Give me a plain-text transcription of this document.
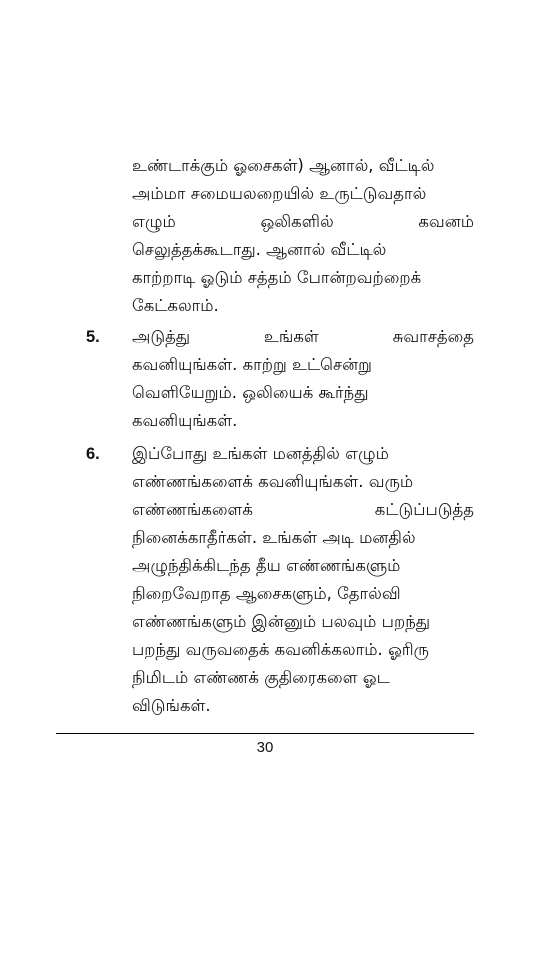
உண்டாக்கும் ஓசைகள்) ஆனால், வீட்டில்
அம்மா சமையலறையில் உருட்டுவதால்
எழும்	ஒலிகளில்	கவனம்
செலுத்தக்கூடாது. ஆனால் வீட்டில்
காற்றாடி ஓடும் சத்தம் போன்றவற்றைக்
கேட்கலாம்.
5. அடுத்து	உங்கள்	சுவாசத்தை
கவனியுங்கள். காற்று உட்சென்று
வெளியேறும். ஒலியைக் கூர்ந்து
கவனியுங்கள்.
6. இப்போது உங்கள் மனத்தில் எழும்
எண்ணங்களைக் கவனியுங்கள். வரும்
எண்ணங்களைக்	கட்டுப்படுத்த
நினைக்காதீர்கள். உங்கள் அடி மனதில்
அழுந்திக்கிடந்த தீய எண்ணங்களும்
நிறைவேறாத ஆசைகளும், தோல்வி
எண்ணங்களும் இன்னும் பலவும் பறந்து
பறந்து வருவதைக் கவனிக்கலாம். ஓரிரு
நிமிடம் எண்ணக் குதிரைகளை ஓட
விடுங்கள்.
30
